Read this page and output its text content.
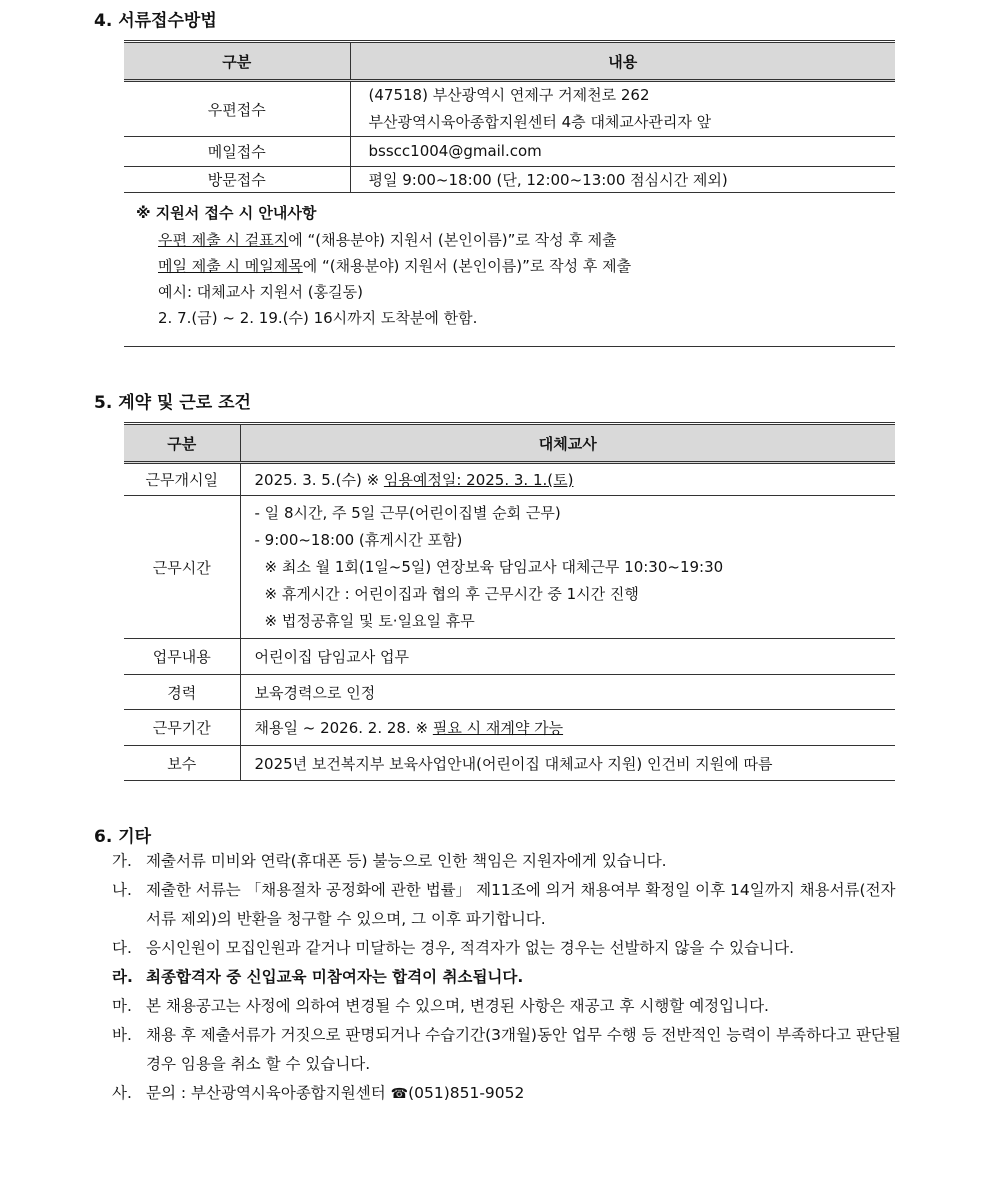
4. 서류접수방법
구분	내용
우편접수	(47518) 부산광역시 연제구 거제천로 262
부산광역시육아종합지원센터 4층 대체교사관리자 앞

메일접수	bsscc1004@gmail.com

방문접수	평일 9:00~18:00 (단, 12:00~13:00 점심시간 제외)
※ 지원서 접수 시 안내사항
우편 제출 시 겉표지에 “(채용분야) 지원서 (본인이름)”로 작성 후 제출
메일 제출 시 메일제목에 “(채용분야) 지원서 (본인이름)”로 작성 후 제출
예시: 대체교사 지원서 (홍길동)
2. 7.(금) ~ 2. 19.(수) 16시까지 도착분에 한함.
5. 계약 및 근로 조건
구분	대체교사
근무개시일	2025. 3. 5.(수) ※ 임용예정일: 2025. 3. 1.(토)
근무시간	- 일 8시간, 주 5일 근무(어린이집별 순회 근무)
- 9:00~18:00 (휴게시간 포함)
※ 최소 월 1회(1일~5일) 연장보육 담임교사 대체근무 10:30~19:30
※ 휴게시간 : 어린이집과 협의 후 근무시간 중 1시간 진행
※ 법정공휴일 및 토·일요일 휴무

업무내용	어린이집 담임교사 업무
경력	보육경력으로 인정
근무기간	채용일 ~ 2026. 2. 28. ※ 필요 시 재계약 가능
보수	2025년 보건복지부 보육사업안내(어린이집 대체교사 지원) 인건비 지원에 따름
6. 기타
가. 제출서류 미비와 연락(휴대폰 등) 불능으로 인한 책임은 지원자에게 있습니다.
나. 제출한 서류는 「채용절차 공정화에 관한 법률」 제11조에 의거 채용여부 확정일 이후 14일까지 채용서류(전자서류 제외)의 반환을 청구할 수 있으며, 그 이후 파기합니다.
다. 응시인원이 모집인원과 같거나 미달하는 경우, 적격자가 없는 경우는 선발하지 않을 수 있습니다.
라. 최종합격자 중 신입교육 미참여자는 합격이 취소됩니다.
마. 본 채용공고는 사정에 의하여 변경될 수 있으며, 변경된 사항은 재공고 후 시행할 예정입니다.
바. 채용 후 제출서류가 거짓으로 판명되거나 수습기간(3개월)동안 업무 수행 등 전반적인 능력이 부족하다고 판단될 경우 임용을 취소 할 수 있습니다.
사. 문의 : 부산광역시육아종합지원센터 ☎(051)851-9052
